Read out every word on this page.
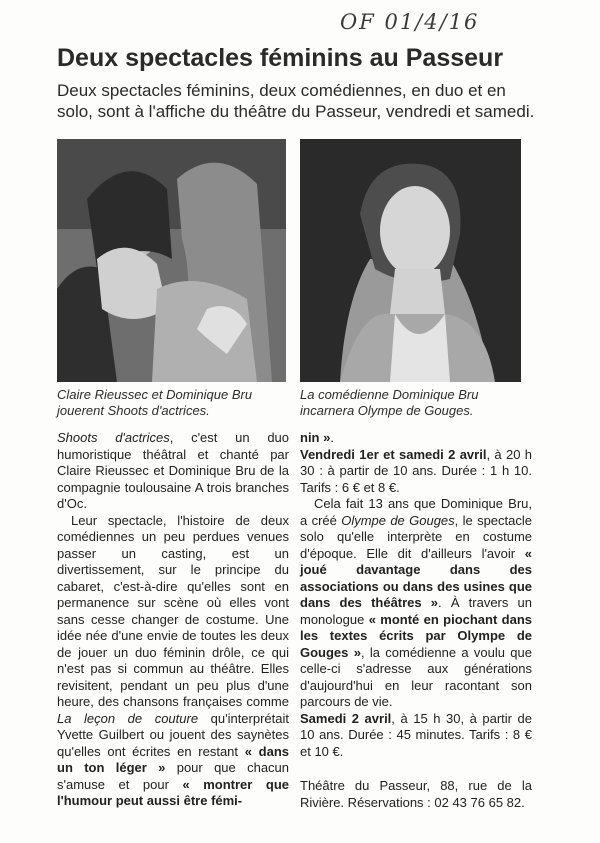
OF 01/4/16
Deux spectacles féminins au Passeur

Deux spectacles féminins, deux comédiennes, en duo et en solo, sont à l'affiche du théâtre du Passeur, vendredi et samedi.

Claire Rieussec et Dominique Bru jouerent Shoots d'actrices.

La comédienne Dominique Bru incarnera Olympe de Gouges.

Shoots d'actrices, c'est un duo humoristique théâtral et chanté par Claire Rieussec et Dominique Bru de la compagnie toulousaine A trois branches d'Oc.

Leur spectacle, l'histoire de deux comédiennes un peu perdues venues passer un casting, est un divertissement, sur le principe du cabaret, c'est-à-dire qu'elles sont en permanence sur scène où elles vont sans cesse changer de costume. Une idée née d'une envie de toutes les deux de jouer un duo féminin drôle, ce qui n'est pas si commun au théâtre. Elles revisitent, pendant un peu plus d'une heure, des chansons françaises comme La leçon de couture qu'interprétait Yvette Guilbert ou jouent des saynètes qu'elles ont écrites en restant « dans un ton léger » pour que chacun s'amuse et pour « montrer que l'humour peut aussi être fémi-

nin ».

Vendredi 1er et samedi 2 avril, à 20 h 30 : à partir de 10 ans. Durée : 1 h 10. Tarifs : 6 € et 8 €.

Cela fait 13 ans que Dominique Bru, a créé Olympe de Gouges, le spectacle solo qu'elle interprète en costume d'époque. Elle dit d'ailleurs l'avoir « joué davantage dans des associations ou dans des usines que dans des théâtres ». À travers un monologue « monté en piochant dans les textes écrits par Olympe de Gouges », la comédienne a voulu que celle-ci s'adresse aux générations d'aujourd'hui en leur racontant son parcours de vie.

Samedi 2 avril, à 15 h 30, à partir de 10 ans. Durée : 45 minutes. Tarifs : 8 € et 10 €.

Théâtre du Passeur, 88, rue de la Rivière. Réservations : 02 43 76 65 82.
